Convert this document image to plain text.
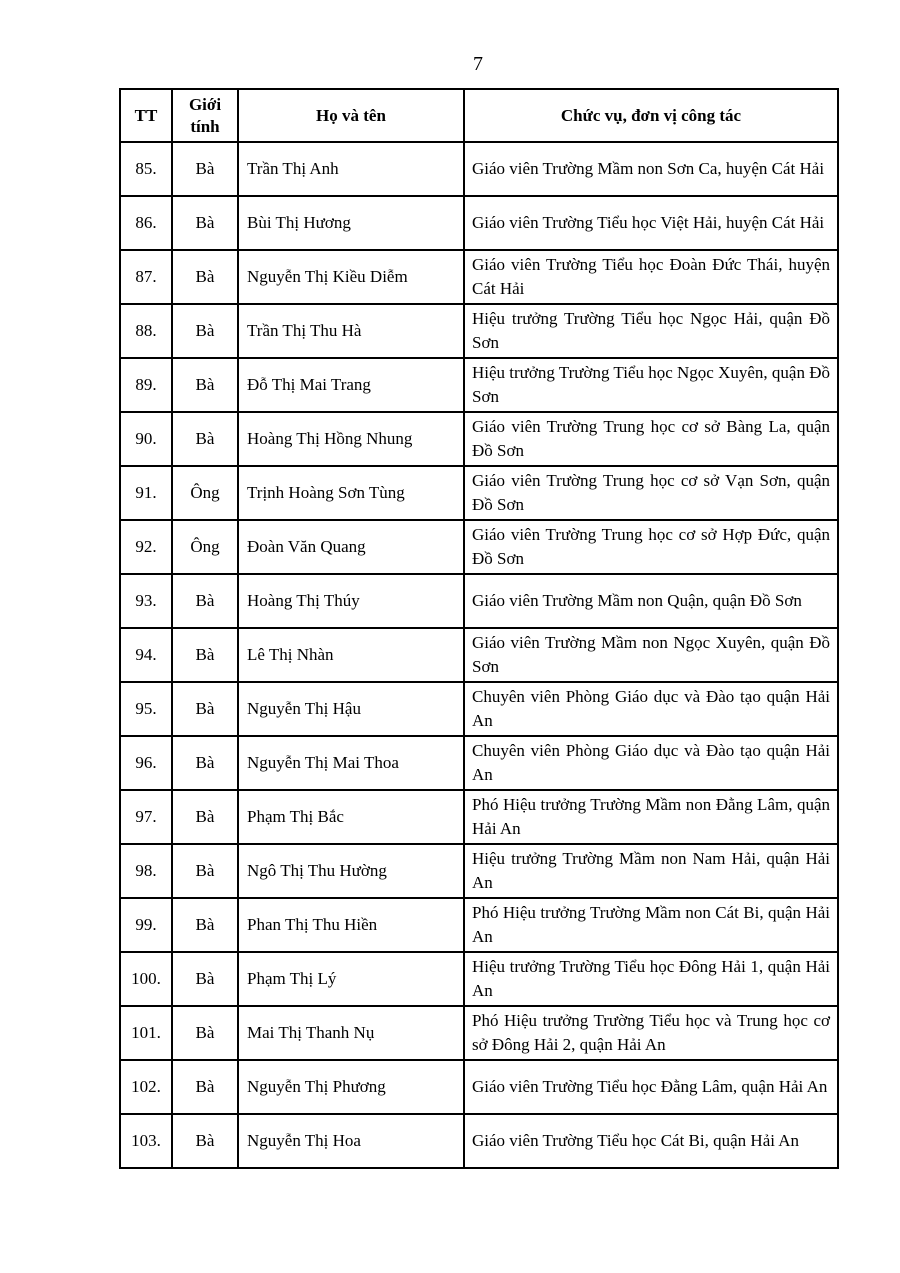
7
TT	Giới tính	Họ và tên	Chức vụ, đơn vị công tác
85.	Bà	Trần Thị Anh	Giáo viên Trường Mầm non Sơn Ca, huyện Cát Hải
86.	Bà	Bùi Thị Hương	Giáo viên Trường Tiểu học Việt Hải, huyện Cát Hải
87.	Bà	Nguyễn Thị Kiều Diễm	Giáo viên Trường Tiểu học Đoàn Đức Thái, huyện Cát Hải
88.	Bà	Trần Thị Thu Hà	Hiệu trưởng Trường Tiểu học Ngọc Hải, quận Đồ Sơn
89.	Bà	Đỗ Thị Mai Trang	Hiệu trưởng Trường Tiểu học Ngọc Xuyên, quận Đồ Sơn
90.	Bà	Hoàng Thị Hồng Nhung	Giáo viên Trường Trung học cơ sở Bàng La, quận Đồ Sơn
91.	Ông	Trịnh Hoàng Sơn Tùng	Giáo viên Trường Trung học cơ sở Vạn Sơn, quận Đồ Sơn
92.	Ông	Đoàn Văn Quang	Giáo viên Trường Trung học cơ sở Hợp Đức, quận Đồ Sơn
93.	Bà	Hoàng Thị Thúy	Giáo viên Trường Mầm non Quận, quận Đồ Sơn
94.	Bà	Lê Thị Nhàn	Giáo viên Trường Mầm non Ngọc Xuyên, quận Đồ Sơn
95.	Bà	Nguyễn Thị Hậu	Chuyên viên Phòng Giáo dục và Đào tạo quận Hải An
96.	Bà	Nguyễn Thị Mai Thoa	Chuyên viên Phòng Giáo dục và Đào tạo quận Hải An
97.	Bà	Phạm Thị Bắc	Phó Hiệu trưởng Trường Mầm non Đằng Lâm, quận Hải An
98.	Bà	Ngô Thị Thu Hường	Hiệu trưởng Trường Mầm non Nam Hải, quận Hải An
99.	Bà	Phan Thị Thu Hiền	Phó Hiệu trưởng Trường Mầm non Cát Bi, quận Hải An
100.	Bà	Phạm Thị Lý	Hiệu trưởng Trường Tiểu học Đông Hải 1, quận Hải An
101.	Bà	Mai Thị Thanh Nụ	Phó Hiệu trưởng Trường Tiểu học và Trung học cơ sở Đông Hải 2, quận Hải An
102.	Bà	Nguyễn Thị Phương	Giáo viên Trường Tiểu học Đằng Lâm, quận Hải An
103.	Bà	Nguyễn Thị Hoa	Giáo viên Trường Tiểu học Cát Bi, quận Hải An
